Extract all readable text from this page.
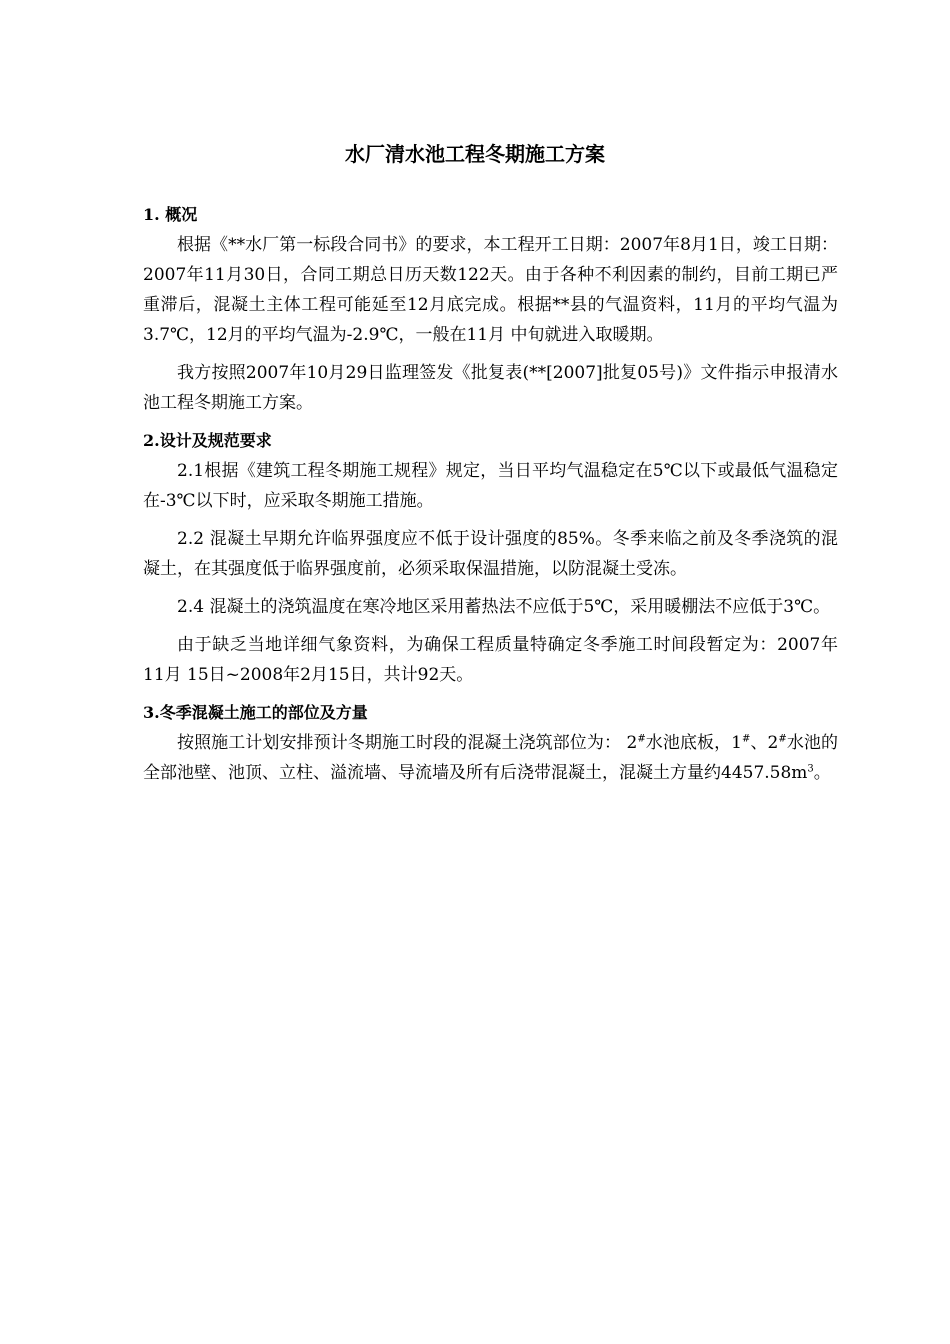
水厂清水池工程冬期施工方案

1. 概况

根据《**水厂第一标段合同书》的要求，本工程开工日期：2007年8月1日，竣工日期：2007年11月30日，合同工期总日历天数122天。由于各种不利因素的制约，目前工期已严重滞后，混凝土主体工程可能延至12月底完成。根据**县的气温资料，11月的平均气温为3.7℃，12月的平均气温为-2.9℃，一般在11月 中旬就进入取暖期。

我方按照2007年10月29日监理签发《批复表(**[2007]批复05号)》文件指示申报清水池工程冬期施工方案。

2.设计及规范要求

2.1根据《建筑工程冬期施工规程》规定，当日平均气温稳定在5℃以下或最低气温稳定在-3℃以下时，应采取冬期施工措施。

2.2 混凝土早期允许临界强度应不低于设计强度的85%。冬季来临之前及冬季浇筑的混凝土，在其强度低于临界强度前，必须采取保温措施，以防混凝土受冻。

2.4 混凝土的浇筑温度在寒冷地区采用蓄热法不应低于5℃，采用暖棚法不应低于3℃。

由于缺乏当地详细气象资料，为确保工程质量特确定冬季施工时间段暂定为：2007年 11月 15日~2008年2月15日，共计92天。

3.冬季混凝土施工的部位及方量

按照施工计划安排预计冬期施工时段的混凝土浇筑部位为： 2#水池底板，1#、2#水池的全部池壁、池顶、立柱、溢流墙、导流墙及所有后浇带混凝土，混凝土方量约$4457.58m^3$。
